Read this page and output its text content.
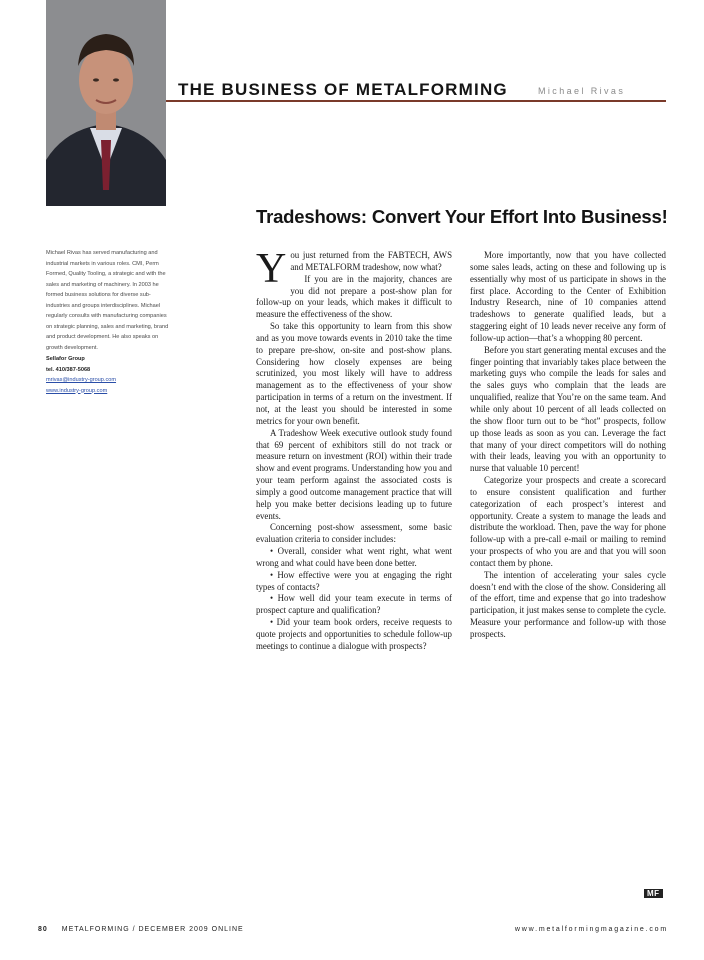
THE BUSINESS OF METALFORMING	Michael Rivas
Tradeshows: Convert Your Effort Into Business!

Michael Rivas has served manufacturing and industrial markets in various roles. CMI, Perm Formed, Quality Tooling, a strategic and with the sales and marketing of machinery. In 2003 he formed business solutions for diverse sub-industries and groups interdisciplines. Michael regularly consults with manufacturing companies on strategic planning, sales and marketing, brand and product development. He also speaks on growth development.

Sellafor Group

tel. 410/387-5068

mrivas@industry-group.com

www.industry-group.com

You just returned from the FABTECH, AWS and METALFORM tradeshow, now what?

If you are in the majority, chances are you did not prepare a post-show plan for follow-up on your leads, which makes it difficult to measure the effectiveness of the show.

So take this opportunity to learn from this show and as you move towards events in 2010 take the time to prepare pre-show, on-site and post-show plans. Considering how closely expenses are being scrutinized, you most likely will have to address management as to the effectiveness of your show participation in terms of a return on the investment. If not, at the least you should be interested in some metrics for your own benefit.

A Tradeshow Week executive outlook study found that 69 percent of exhibitors still do not track or measure return on investment (ROI) within their trade show and event programs. Understanding how you and your team perform against the associated costs is simply a good outcome management practice that will help you make better decisions leading up to future events.

Concerning post-show assessment, some basic evaluation criteria to consider includes:

• Overall, consider what went right, what went wrong and what could have been done better.

• How effective were you at engaging the right types of contacts?

• How well did your team execute in terms of prospect capture and qualification?

• Did your team book orders, receive requests to quote projects and opportunities to schedule follow-up meetings to continue a dialogue with prospects?

More importantly, now that you have collected some sales leads, acting on these and following up is essentially why most of us participate in shows in the first place. According to the Center of Exhibition Industry Research, nine of 10 companies attend tradeshows to generate qualified leads, but a staggering eight of 10 leads never receive any form of follow-up action—that’s a whopping 80 percent.

Before you start generating mental excuses and the finger pointing that invariably takes place between the marketing guys who compile the leads for sales and the sales guys who complain that the leads are unqualified, realize that You’re on the same team. And while only about 10 percent of all leads collected on the show floor turn out to be “hot” prospects, follow up those leads as soon as you can. Leverage the fact that many of your direct competitors will do nothing with their leads, leaving you with an opportunity to nurse that valuable 10 percent!

Categorize your prospects and create a scorecard to ensure consistent qualification and further categorization of each prospect’s interest and opportunity. Create a system to manage the leads and distribute the workload. Then, pave the way for phone follow-up with a pre-call e-mail or mailing to remind your prospects of who you are and that you will soon contact them by phone.

The intention of accelerating your sales cycle doesn’t end with the close of the show. Considering all of the effort, time and expense that go into tradeshow participation, it just makes sense to complete the cycle. Measure your performance and follow-up with those prospects.

MF
80 METALFORMING / DECEMBER 2009 ONLINE	www.metalformingmagazine.com
